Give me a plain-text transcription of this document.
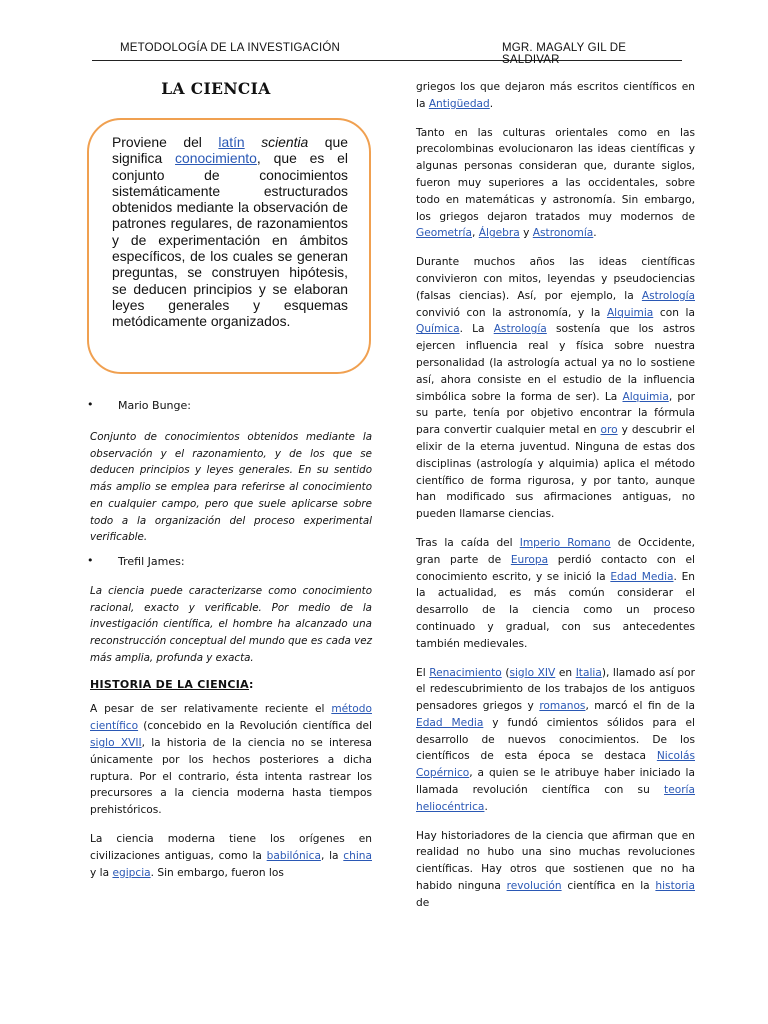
METODOLOGÍA DE LA INVESTIGACIÓN	MGR. MAGALY GIL DE SALDIVAR
LA CIENCIA
Proviene del latín scientia que significa conocimiento, que es el conjunto de conocimientos sistemáticamente estructurados obtenidos mediante la observación de patrones regulares, de razonamientos y de experimentación en ámbitos específicos, de los cuales se generan preguntas, se construyen hipótesis, se deducen principios y se elaboran leyes generales y esquemas metódicamente organizados.
• Mario Bunge:
Conjunto de conocimientos obtenidos mediante la observación y el razonamiento, y de los que se deducen principios y leyes generales. En su sentido más amplio se emplea para referirse al conocimiento en cualquier campo, pero que suele aplicarse sobre todo a la organización del proceso experimental verificable.
• Trefil James:
La ciencia puede caracterizarse como conocimiento racional, exacto y verificable. Por medio de la investigación científica, el hombre ha alcanzado una reconstrucción conceptual del mundo que es cada vez más amplia, profunda y exacta.
HISTORIA DE LA CIENCIA:

A pesar de ser relativamente reciente el método científico (concebido en la Revolución científica del siglo XVII, la historia de la ciencia no se interesa únicamente por los hechos posteriores a dicha ruptura. Por el contrario, ésta intenta rastrear los precursores a la ciencia moderna hasta tiempos prehistóricos.

La ciencia moderna tiene los orígenes en civilizaciones antiguas, como la babilónica, la china y la egipcia. Sin embargo, fueron los

griegos los que dejaron más escritos científicos en la Antigüedad.

Tanto en las culturas orientales como en las precolombinas evolucionaron las ideas científicas y algunas personas consideran que, durante siglos, fueron muy superiores a las occidentales, sobre todo en matemáticas y astronomía. Sin embargo, los griegos dejaron tratados muy modernos de Geometría, Álgebra y Astronomía.

Durante muchos años las ideas científicas convivieron con mitos, leyendas y pseudociencias (falsas ciencias). Así, por ejemplo, la Astrología convivió con la astronomía, y la Alquimia con la Química. La Astrología sostenía que los astros ejercen influencia real y física sobre nuestra personalidad (la astrología actual ya no lo sostiene así, ahora consiste en el estudio de la influencia simbólica sobre la forma de ser). La Alquimia, por su parte, tenía por objetivo encontrar la fórmula para convertir cualquier metal en oro y descubrir el elixir de la eterna juventud. Ninguna de estas dos disciplinas (astrología y alquimia) aplica el método científico de forma rigurosa, y por tanto, aunque han modificado sus afirmaciones antiguas, no pueden llamarse ciencias.

Tras la caída del Imperio Romano de Occidente, gran parte de Europa perdió contacto con el conocimiento escrito, y se inició la Edad Media. En la actualidad, es más común considerar el desarrollo de la ciencia como un proceso continuado y gradual, con sus antecedentes también medievales.

El Renacimiento (siglo XIV en Italia), llamado así por el redescubrimiento de los trabajos de los antiguos pensadores griegos y romanos, marcó el fin de la Edad Media y fundó cimientos sólidos para el desarrollo de nuevos conocimientos. De los científicos de esta época se destaca Nicolás Copérnico, a quien se le atribuye haber iniciado la llamada revolución científica con su teoría heliocéntrica.

Hay historiadores de la ciencia que afirman que en realidad no hubo una sino muchas revoluciones científicas. Hay otros que sostienen que no ha habido ninguna revolución científica en la historia de
